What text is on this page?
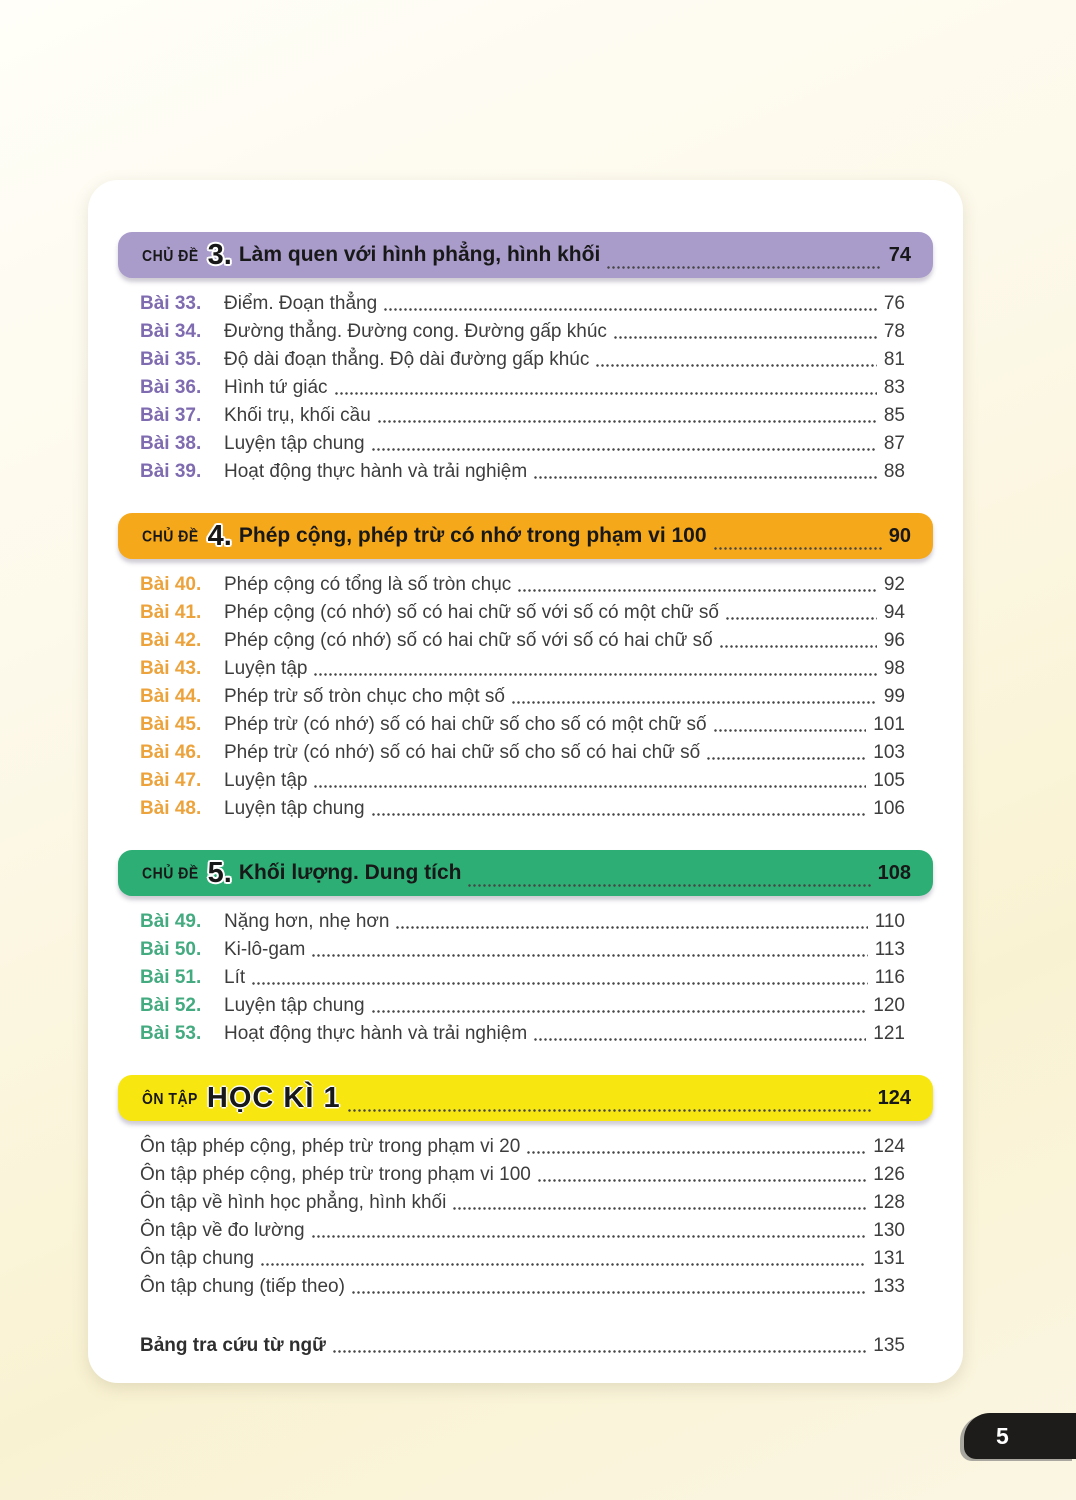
CHỦ ĐỀ 3. Làm quen với hình phẳng, hình khối	74
Bài 33.	Điểm. Đoạn thẳng	76
Bài 34.	Đường thẳng. Đường cong. Đường gấp khúc	78
Bài 35.	Độ dài đoạn thẳng. Độ dài đường gấp khúc	81
Bài 36.	Hình tứ giác	83
Bài 37.	Khối trụ, khối cầu	85
Bài 38.	Luyện tập chung	87
Bài 39.	Hoạt động thực hành và trải nghiệm	88
CHỦ ĐỀ 4. Phép cộng, phép trừ có nhớ trong phạm vi 100	90
Bài 40.	Phép cộng có tổng là số tròn chục	92
Bài 41.	Phép cộng (có nhớ) số có hai chữ số với số có một chữ số	94
Bài 42.	Phép cộng (có nhớ) số có hai chữ số với số có hai chữ số	96
Bài 43.	Luyện tập	98
Bài 44.	Phép trừ số tròn chục cho một số	99
Bài 45.	Phép trừ (có nhớ) số có hai chữ số cho số có một chữ số	101
Bài 46.	Phép trừ (có nhớ) số có hai chữ số cho số có hai chữ số	103
Bài 47.	Luyện tập	105
Bài 48.	Luyện tập chung	106
CHỦ ĐỀ 5. Khối lượng. Dung tích	108
Bài 49.	Nặng hơn, nhẹ hơn	110
Bài 50.	Ki-lô-gam	113
Bài 51.	Lít	116
Bài 52.	Luyện tập chung	120
Bài 53.	Hoạt động thực hành và trải nghiệm	121
ÔN TẬP HỌC KÌ 1	124
Ôn tập phép cộng, phép trừ trong phạm vi 20	124
Ôn tập phép cộng, phép trừ trong phạm vi 100	126
Ôn tập về hình học phẳng, hình khối	128
Ôn tập về đo lường	130
Ôn tập chung	131
Ôn tập chung (tiếp theo)	133
Bảng tra cứu từ ngữ	135
5
